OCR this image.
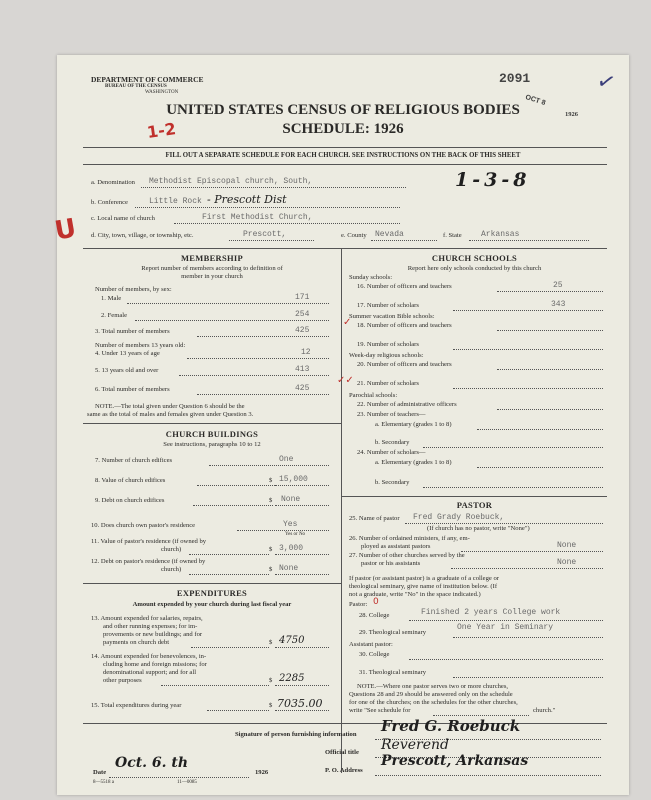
DEPARTMENT OF COMMERCE
BUREAU OF THE CENSUS
WASHINGTON
2091
OCT 8
1926
✓
UNITED STATES CENSUS OF RELIGIOUS BODIES
SCHEDULE: 1926
1-2
FILL OUT A SEPARATE SCHEDULE FOR EACH CHURCH. SEE INSTRUCTIONS ON THE BACK OF THIS SHEET
U
a. Denomination Methodist Episcopal church, South,	1-3-8
b. Conference	Little Rock - Prescott Dist
c. Local name of church	First Methodist Church,
d. City, town, village, or township, etc.	Prescott,	e. County Nevada	f. State Arkansas
MEMBERSHIP
Report number of members according to definition of
member in your church
Number of members, by sex:
1. Male	171
2. Female	254
3. Total number of members	425
Number of members 13 years old:
4. Under 13 years of age	12
5. 13 years old and over	413
6. Total number of members	425
NOTE.—The total given under Question 6 should be the
same as the total of males and females given under Question 3.
CHURCH BUILDINGS
See instructions, paragraphs 10 to 12
7. Number of church edifices	One
8. Value of church edifices	$ 15,000
9. Debt on church edifices	$ None
10. Does church own pastor's residence	Yes
Yes or No
11. Value of pastor's residence (if owned by
church)	$ 3,000
12. Debt on pastor's residence (if owned by
church)	$ None
EXPENDITURES
Amount expended by your church during last fiscal year
13. Amount expended for salaries, repairs,
and other running expenses; for im-
provements or new buildings; and for
payments on church debt	$ 4750
14. Amount expended for benevolences, in-
cluding home and foreign missions; for
denominational support; and for all
other purposes	$ 2285
15. Total expenditures during year	$ 7035.00
CHURCH SCHOOLS
Report here only schools conducted by this church
Sunday schools:
16. Number of officers and teachers	25
17. Number of scholars	343
Summer vacation Bible schools:
18. Number of officers and teachers
19. Number of scholars
Week-day religious schools:
20. Number of officers and teachers
21. Number of scholars
Parochial schools:
22. Number of administrative officers
23. Number of teachers—
a. Elementary (grades 1 to 8)
b. Secondary
24. Number of scholars—
a. Elementary (grades 1 to 8)
b. Secondary
✓
✓✓
PASTOR
25. Name of pastor Fred Grady Roebuck,
(If church has no pastor, write "None")
26. Number of ordained ministers, if any, em-
ployed as assistant pastors	None
27. Number of other churches served by the
pastor or his assistants	None
If pastor (or assistant pastor) is a graduate of a college or
theological seminary, give name of institution below. (If
not a graduate, write "No" in the space indicated.)
Pastor: 0
28. College	Finished 2 years College work
29. Theological seminary
One Year in Seminary
Assistant pastor:
30. College
31. Theological seminary
NOTE.—Where one pastor serves two or more churches,
Questions 28 and 29 should be answered only on the schedule
for one of the churches; on the schedules for the other churches,
write "See schedule for	church."
Signature of person furnishing information Fred G. Roebuck
Official title Reverend
Date
Oct. 6. th
1926
8—5518 a	11—0085
P. O. Address
Prescott, Arkansas
